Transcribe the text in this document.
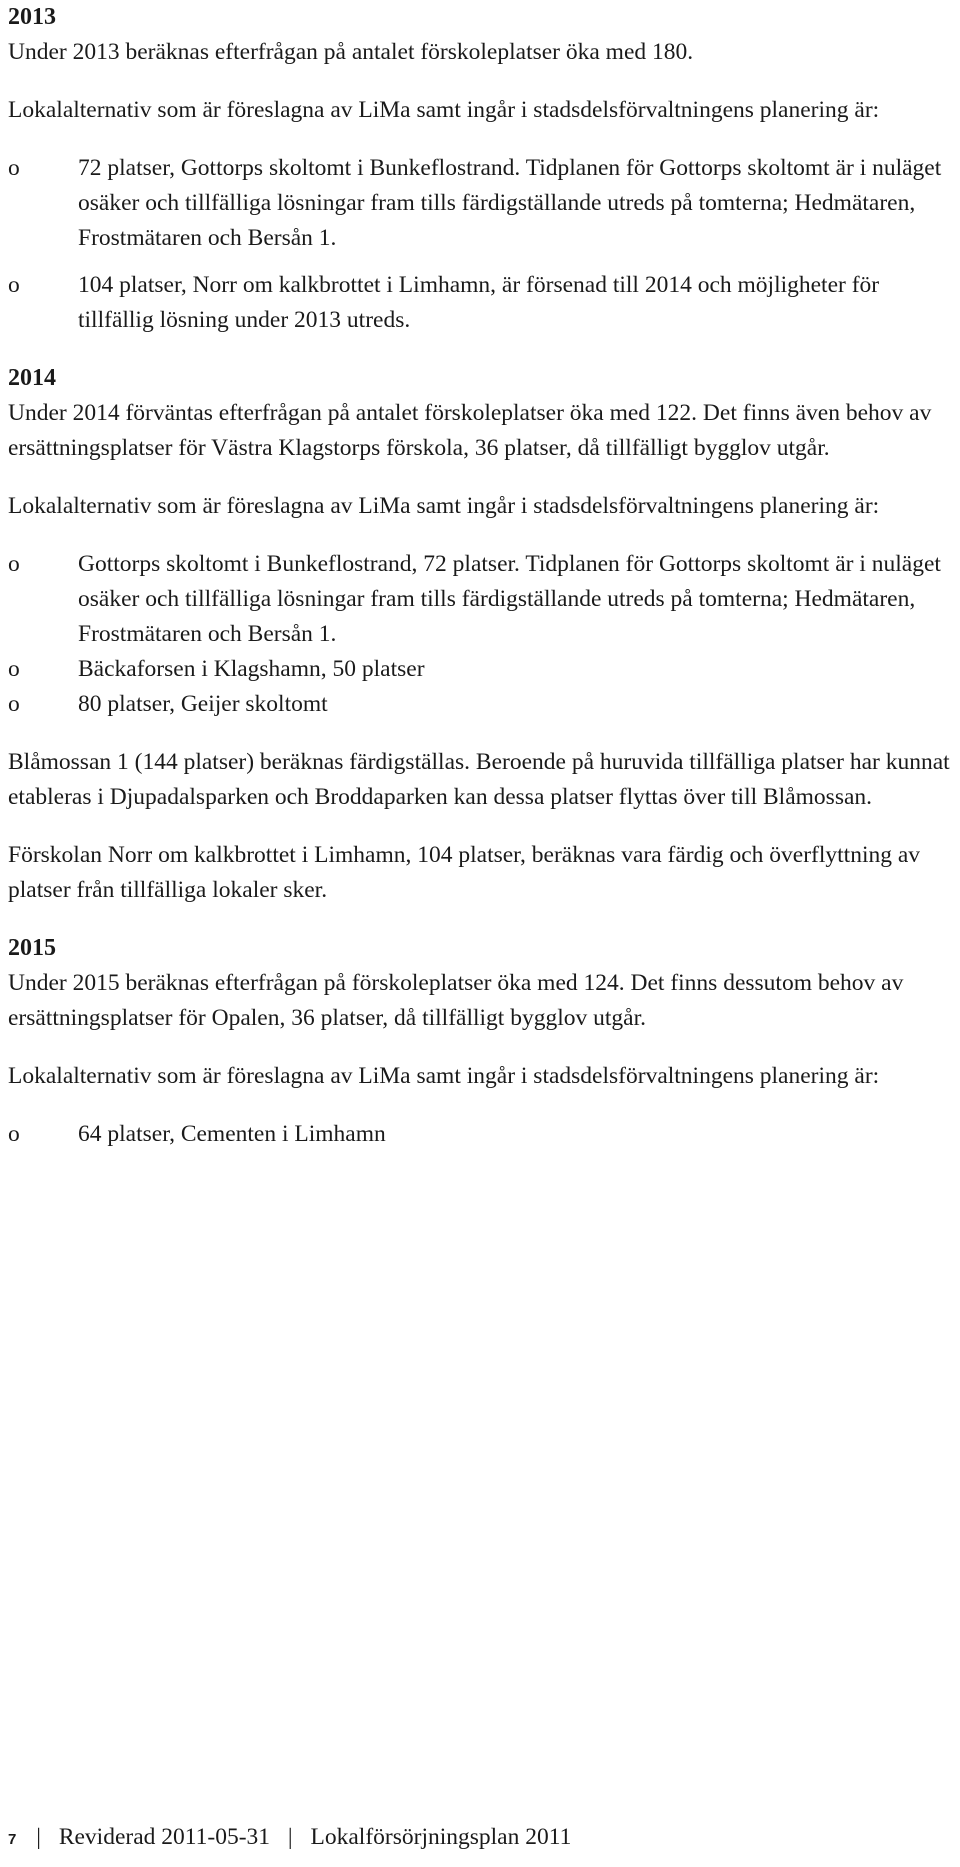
2013

Under 2013 beräknas efterfrågan på antalet förskoleplatser öka med 180.

Lokalalternativ som är föreslagna av LiMa samt ingår i stadsdelsförvaltningens planering är:

o 72 platser, Gottorps skoltomt i Bunkeflostrand. Tidplanen för Gottorps skoltomt är i nuläget osäker och tillfälliga lösningar fram tills färdigställande utreds på tomterna; Hedmätaren, Frostmätaren och Bersån 1.
o 104 platser, Norr om kalkbrottet i Limhamn, är försenad till 2014 och möjligheter för tillfällig lösning under 2013 utreds.

2014

Under 2014 förväntas efterfrågan på antalet förskoleplatser öka med 122. Det finns även behov av ersättningsplatser för Västra Klagstorps förskola, 36 platser, då tillfälligt bygglov utgår.

Lokalalternativ som är föreslagna av LiMa samt ingår i stadsdelsförvaltningens planering är:

o Gottorps skoltomt i Bunkeflostrand, 72 platser. Tidplanen för Gottorps skoltomt är i nuläget osäker och tillfälliga lösningar fram tills färdigställande utreds på tomterna; Hedmätaren, Frostmätaren och Bersån 1.
o Bäckaforsen i Klagshamn, 50 platser
o 80 platser, Geijer skoltomt

Blåmossan 1 (144 platser) beräknas färdigställas. Beroende på huruvida tillfälliga platser har kunnat etableras i Djupadalsparken och Broddaparken kan dessa platser flyttas över till Blåmossan.

Förskolan Norr om kalkbrottet i Limhamn, 104 platser, beräknas vara färdig och överflyttning av platser från tillfälliga lokaler sker.

2015

Under 2015 beräknas efterfrågan på förskoleplatser öka med 124. Det finns dessutom behov av ersättningsplatser för Opalen, 36 platser, då tillfälligt bygglov utgår.

Lokalalternativ som är föreslagna av LiMa samt ingår i stadsdelsförvaltningens planering är:

o 64 platser, Cementen i Limhamn
7 | Reviderad 2011-05-31 | Lokalförsörjningsplan 2011
